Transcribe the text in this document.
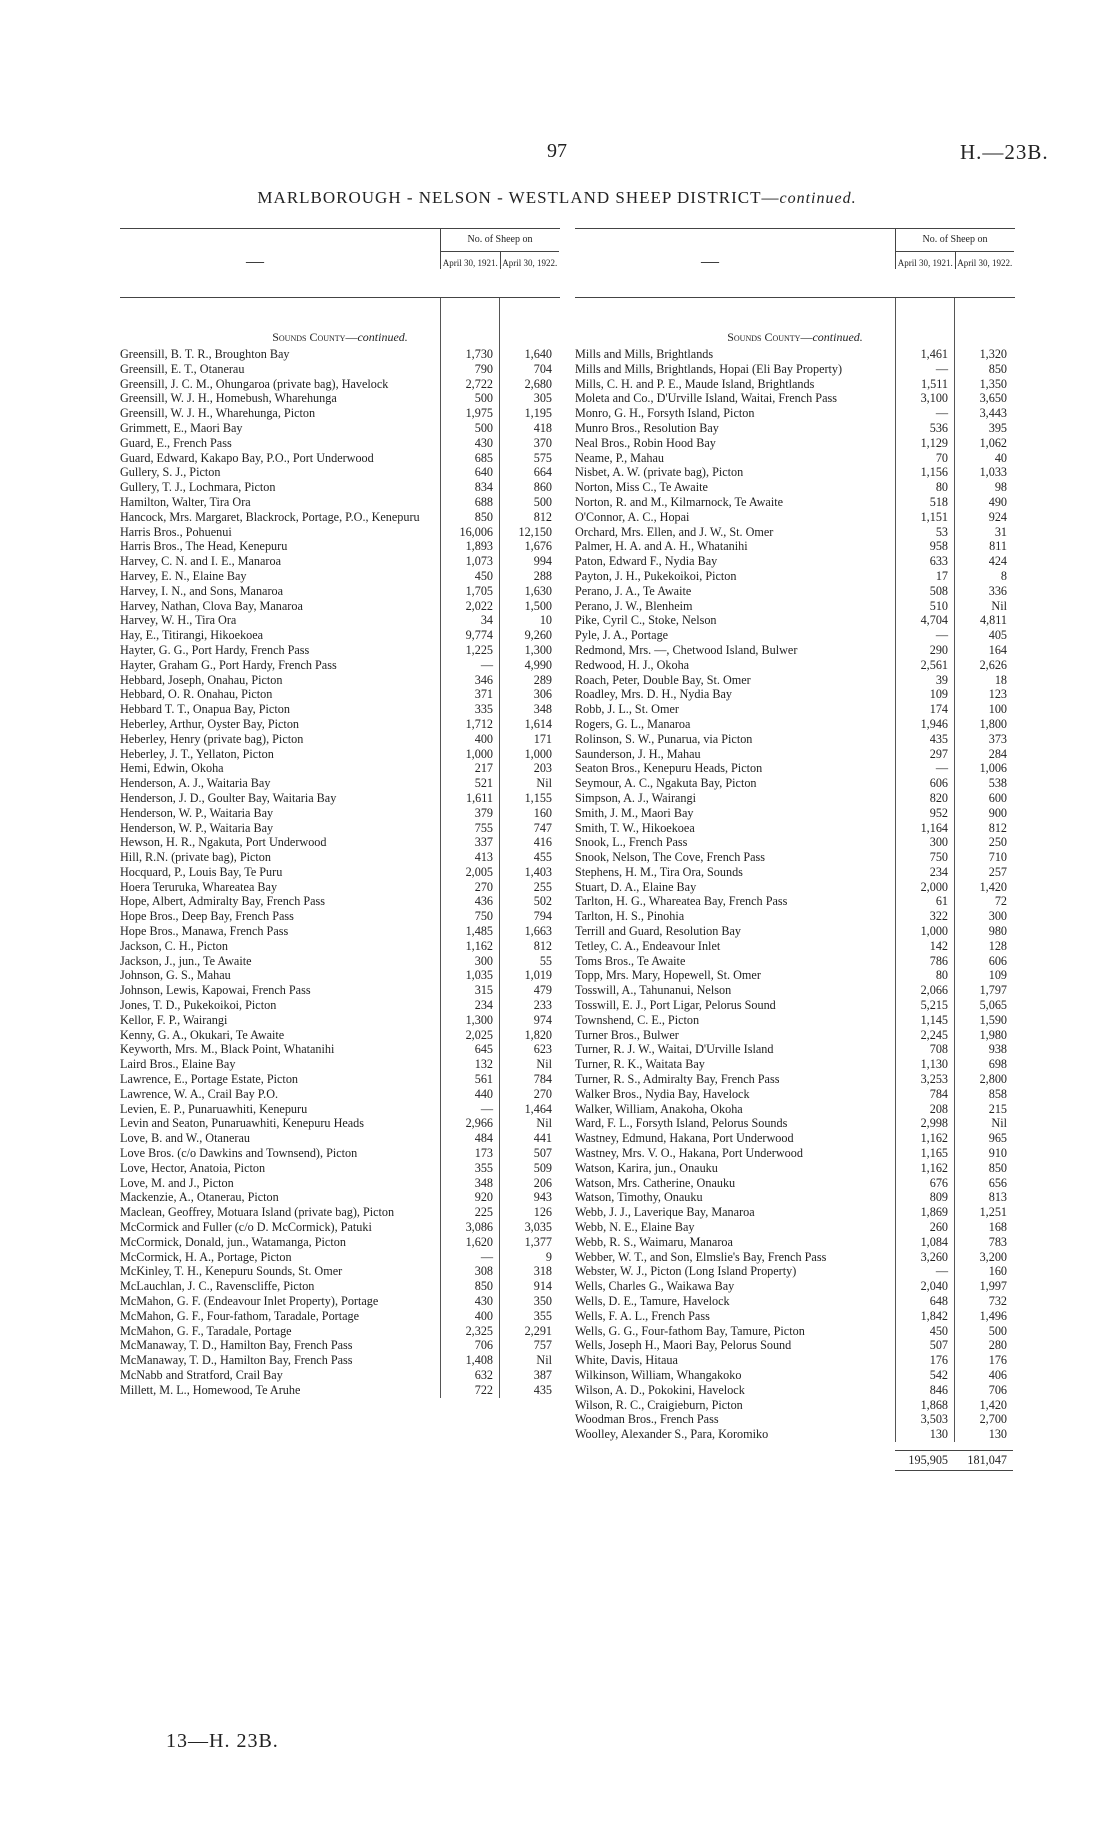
97	H.—23B.
MARLBOROUGH - NELSON - WESTLAND SHEEP DISTRICT—continued.
—
No. of Sheep on
April 30, 1921. April 30, 1922.
Sounds County—continued.
Greensill, B. T. R., Broughton Bay	1,730	1,640
Greensill, E. T., Otanerau	790	704
Greensill, J. C. M., Ohungaroa (private bag), Havelock	2,722	2,680
Greensill, W. J. H., Homebush, Wharehunga	500	305
Greensill, W. J. H., Wharehunga, Picton	1,975	1,195
Grimmett, E., Maori Bay	500	418
Guard, E., French Pass	430	370
Guard, Edward, Kakapo Bay, P.O., Port Underwood	685	575
Gullery, S. J., Picton	640	664
Gullery, T. J., Lochmara, Picton	834	860
Hamilton, Walter, Tira Ora	688	500
Hancock, Mrs. Margaret, Blackrock, Portage, P.O., Kenepuru	850	812
Harris Bros., Pohuenui	16,006	12,150
Harris Bros., The Head, Kenepuru	1,893	1,676
Harvey, C. N. and I. E., Manaroa	1,073	994
Harvey, E. N., Elaine Bay	450	288
Harvey, I. N., and Sons, Manaroa	1,705	1,630
Harvey, Nathan, Clova Bay, Manaroa	2,022	1,500
Harvey, W. H., Tira Ora	34	10
Hay, E., Titirangi, Hikoekoea	9,774	9,260
Hayter, G. G., Port Hardy, French Pass	1,225	1,300
Hayter, Graham G., Port Hardy, French Pass	—	4,990
Hebbard, Joseph, Onahau, Picton	346	289
Hebbard, O. R. Onahau, Picton	371	306
Hebbard T. T., Onapua Bay, Picton	335	348
Heberley, Arthur, Oyster Bay, Picton	1,712	1,614
Heberley, Henry (private bag), Picton	400	171
Heberley, J. T., Yellaton, Picton	1,000	1,000
Hemi, Edwin, Okoha	217	203
Henderson, A. J., Waitaria Bay	521	Nil
Henderson, J. D., Goulter Bay, Waitaria Bay	1,611	1,155
Henderson, W. P., Waitaria Bay	379	160
Henderson, W. P., Waitaria Bay	755	747
Hewson, H. R., Ngakuta, Port Underwood	337	416
Hill, R.N. (private bag), Picton	413	455
Hocquard, P., Louis Bay, Te Puru	2,005	1,403
Hoera Teruruka, Whareatea Bay	270	255
Hope, Albert, Admiralty Bay, French Pass	436	502
Hope Bros., Deep Bay, French Pass	750	794
Hope Bros., Manawa, French Pass	1,485	1,663
Jackson, C. H., Picton	1,162	812
Jackson, J., jun., Te Awaite	300	55
Johnson, G. S., Mahau	1,035	1,019
Johnson, Lewis, Kapowai, French Pass	315	479
Jones, T. D., Pukekoikoi, Picton	234	233
Kellor, F. P., Wairangi	1,300	974
Kenny, G. A., Okukari, Te Awaite	2,025	1,820
Keyworth, Mrs. M., Black Point, Whatanihi	645	623
Laird Bros., Elaine Bay	132	Nil
Lawrence, E., Portage Estate, Picton	561	784
Lawrence, W. A., Crail Bay P.O.	440	270
Levien, E. P., Punaruawhiti, Kenepuru	—	1,464
Levin and Seaton, Punaruawhiti, Kenepuru Heads	2,966	Nil
Love, B. and W., Otanerau	484	441
Love Bros. (c/o Dawkins and Townsend), Picton	173	507
Love, Hector, Anatoia, Picton	355	509
Love, M. and J., Picton	348	206
Mackenzie, A., Otanerau, Picton	920	943
Maclean, Geoffrey, Motuara Island (private bag), Picton	225	126
McCormick and Fuller (c/o D. McCormick), Patuki	3,086	3,035
McCormick, Donald, jun., Watamanga, Picton	1,620	1,377
McCormick, H. A., Portage, Picton	—	9
McKinley, T. H., Kenepuru Sounds, St. Omer	308	318
McLauchlan, J. C., Ravenscliffe, Picton	850	914
McMahon, G. F. (Endeavour Inlet Property), Portage	430	350
McMahon, G. F., Four-fathom, Taradale, Portage	400	355
McMahon, G. F., Taradale, Portage	2,325	2,291
McManaway, T. D., Hamilton Bay, French Pass	706	757
McManaway, T. D., Hamilton Bay, French Pass	1,408	Nil
McNabb and Stratford, Crail Bay	632	387
Millett, M. L., Homewood, Te Aruhe	722	435
—
No. of Sheep on
April 30, 1921. April 30, 1922.
Sounds County—continued.
Mills and Mills, Brightlands	1,461	1,320
Mills and Mills, Brightlands, Hopai (Eli Bay Property)	—	850
Mills, C. H. and P. E., Maude Island, Brightlands	1,511	1,350
Moleta and Co., D'Urville Island, Waitai, French Pass	3,100	3,650
Monro, G. H., Forsyth Island, Picton	—	3,443
Munro Bros., Resolution Bay	536	395
Neal Bros., Robin Hood Bay	1,129	1,062
Neame, P., Mahau	70	40
Nisbet, A. W. (private bag), Picton	1,156	1,033
Norton, Miss C., Te Awaite	80	98
Norton, R. and M., Kilmarnock, Te Awaite	518	490
O'Connor, A. C., Hopai	1,151	924
Orchard, Mrs. Ellen, and J. W., St. Omer	53	31
Palmer, H. A. and A. H., Whatanihi	958	811
Paton, Edward F., Nydia Bay	633	424
Payton, J. H., Pukekoikoi, Picton	17	8
Perano, J. A., Te Awaite	508	336
Perano, J. W., Blenheim	510	Nil
Pike, Cyril C., Stoke, Nelson	4,704	4,811
Pyle, J. A., Portage	—	405
Redmond, Mrs. —, Chetwood Island, Bulwer	290	164
Redwood, H. J., Okoha	2,561	2,626
Roach, Peter, Double Bay, St. Omer	39	18
Roadley, Mrs. D. H., Nydia Bay	109	123
Robb, J. L., St. Omer	174	100
Rogers, G. L., Manaroa	1,946	1,800
Rolinson, S. W., Punarua, via Picton	435	373
Saunderson, J. H., Mahau	297	284
Seaton Bros., Kenepuru Heads, Picton	—	1,006
Seymour, A. C., Ngakuta Bay, Picton	606	538
Simpson, A. J., Wairangi	820	600
Smith, J. M., Maori Bay	952	900
Smith, T. W., Hikoekoea	1,164	812
Snook, L., French Pass	300	250
Snook, Nelson, The Cove, French Pass	750	710
Stephens, H. M., Tira Ora, Sounds	234	257
Stuart, D. A., Elaine Bay	2,000	1,420
Tarlton, H. G., Whareatea Bay, French Pass	61	72
Tarlton, H. S., Pinohia	322	300
Terrill and Guard, Resolution Bay	1,000	980
Tetley, C. A., Endeavour Inlet	142	128
Toms Bros., Te Awaite	786	606
Topp, Mrs. Mary, Hopewell, St. Omer	80	109
Tosswill, A., Tahunanui, Nelson	2,066	1,797
Tosswill, E. J., Port Ligar, Pelorus Sound	5,215	5,065
Townshend, C. E., Picton	1,145	1,590
Turner Bros., Bulwer	2,245	1,980
Turner, R. J. W., Waitai, D'Urville Island	708	938
Turner, R. K., Waitata Bay	1,130	698
Turner, R. S., Admiralty Bay, French Pass	3,253	2,800
Walker Bros., Nydia Bay, Havelock	784	858
Walker, William, Anakoha, Okoha	208	215
Ward, F. L., Forsyth Island, Pelorus Sounds	2,998	Nil
Wastney, Edmund, Hakana, Port Underwood	1,162	965
Wastney, Mrs. V. O., Hakana, Port Underwood	1,165	910
Watson, Karira, jun., Onauku	1,162	850
Watson, Mrs. Catherine, Onauku	676	656
Watson, Timothy, Onauku	809	813
Webb, J. J., Laverique Bay, Manaroa	1,869	1,251
Webb, N. E., Elaine Bay	260	168
Webb, R. S., Waimaru, Manaroa	1,084	783
Webber, W. T., and Son, Elmslie's Bay, French Pass	3,260	3,200
Webster, W. J., Picton (Long Island Property)	—	160
Wells, Charles G., Waikawa Bay	2,040	1,997
Wells, D. E., Tamure, Havelock	648	732
Wells, F. A. L., French Pass	1,842	1,496
Wells, G. G., Four-fathom Bay, Tamure, Picton	450	500
Wells, Joseph H., Maori Bay, Pelorus Sound	507	280
White, Davis, Hitaua	176	176
Wilkinson, William, Whangakoko	542	406
Wilson, A. D., Pokokini, Havelock	846	706
Wilson, R. C., Craigieburn, Picton	1,868	1,420
Woodman Bros., French Pass	3,503	2,700
Woolley, Alexander S., Para, Koromiko	130	130
195,905	181,047
13—H. 23B.
